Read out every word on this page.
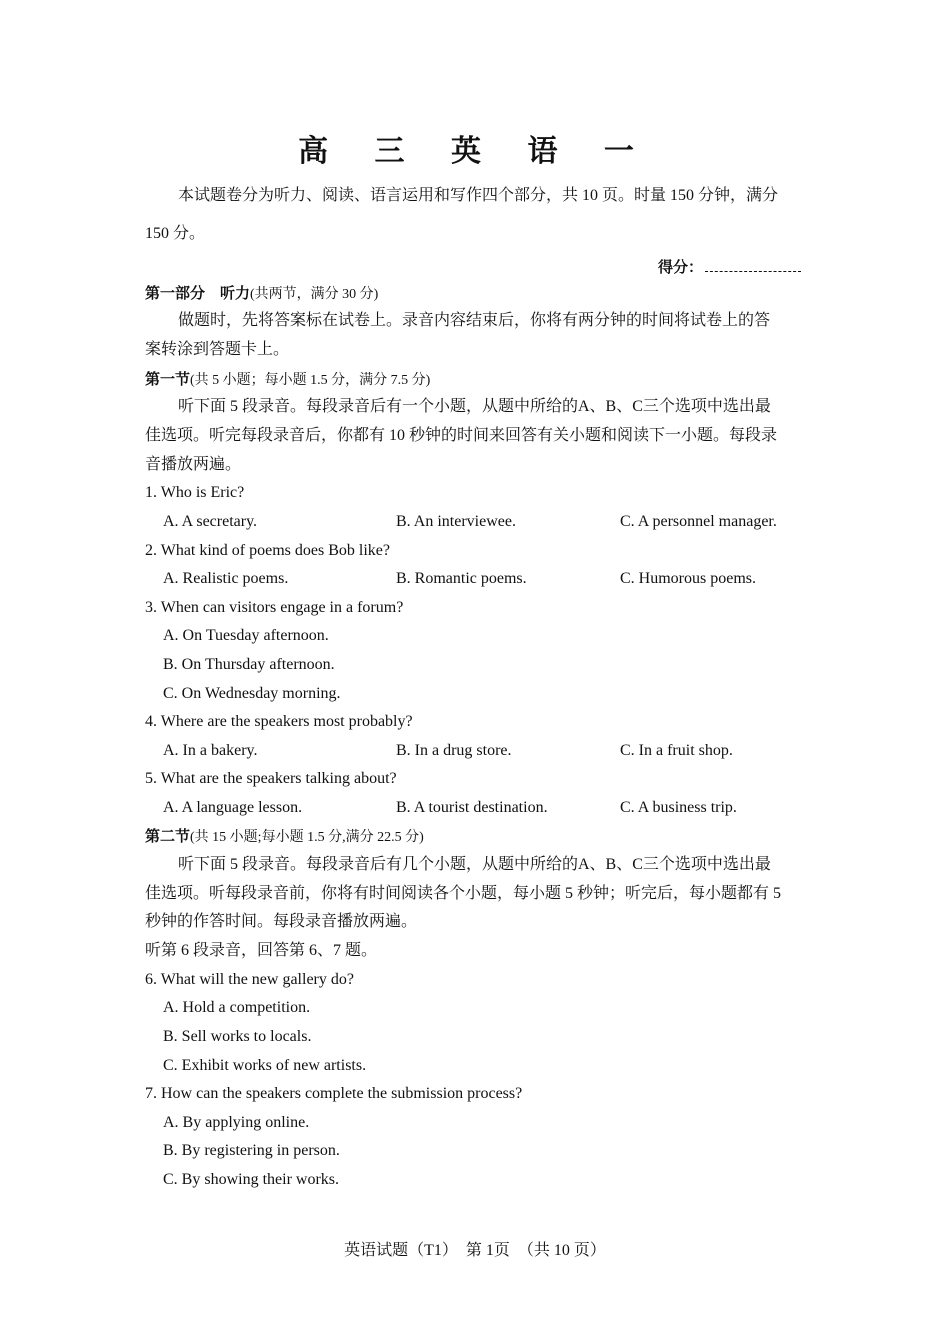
高 三 英 语 一
本试题卷分为听力、阅读、语言运用和写作四个部分，共 10 页。时量 150 分钟，满分
150 分。
得分：
第一部分　听力(共两节，满分 30 分)
做题时，先将答案标在试卷上。录音内容结束后，你将有两分钟的时间将试卷上的答
案转涂到答题卡上。
第一节(共 5 小题；每小题 1.5 分，满分 7.5 分)
听下面 5 段录音。每段录音后有一个小题，从题中所给的A、B、C三个选项中选出最
佳选项。听完每段录音后，你都有 10 秒钟的时间来回答有关小题和阅读下一小题。每段录
音播放两遍。
1. Who is Eric?
A. A secretary.	B. An interviewee.	C. A personnel manager.
2. What kind of poems does Bob like?
A. Realistic poems.	B. Romantic poems.	C. Humorous poems.
3. When can visitors engage in a forum?
A. On Tuesday afternoon.
B. On Thursday afternoon.
C. On Wednesday morning.
4. Where are the speakers most probably?
A. In a bakery.	B. In a drug store.	C. In a fruit shop.
5. What are the speakers talking about?
A. A language lesson.	B. A tourist destination.	C. A business trip.
第二节(共 15 小题;每小题 1.5 分,满分 22.5 分)
听下面 5 段录音。每段录音后有几个小题，从题中所给的A、B、C三个选项中选出最
佳选项。听每段录音前，你将有时间阅读各个小题，每小题 5 秒钟；听完后，每小题都有 5
秒钟的作答时间。每段录音播放两遍。
听第 6 段录音，回答第 6、7 题。
6. What will the new gallery do?
A. Hold a competition.
B. Sell works to locals.
C. Exhibit works of new artists.
7. How can the speakers complete the submission process?
A. By applying online.
B. By registering in person.
C. By showing their works.
英语试题（T1）　第 1页　（共 10 页）
